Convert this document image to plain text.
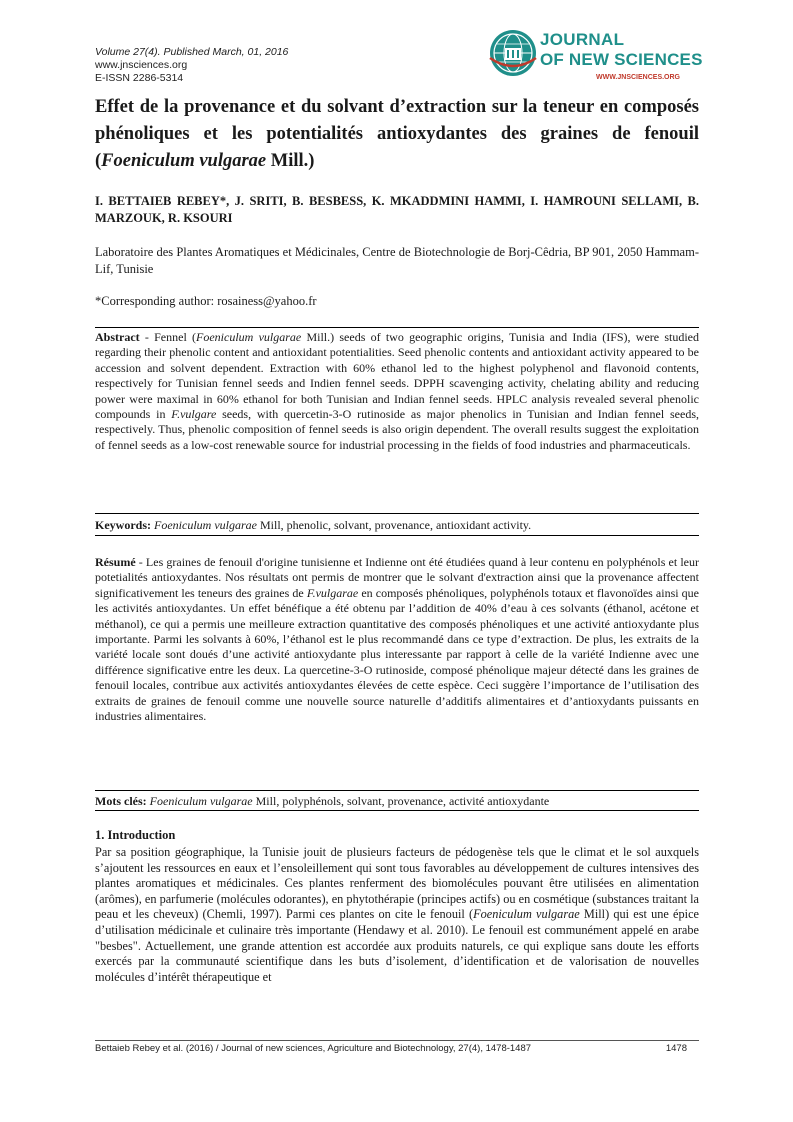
Volume 27(4). Published March, 01, 2016
www.jnsciences.org
E-ISSN 2286-5314
JOURNAL
OF NEW SCIENCES
WWW.JNSCIENCES.ORG
Effet de la provenance et du solvant d’extraction sur la teneur en composés phénoliques et les potentialités antioxydantes des graines de fenouil (Foeniculum vulgarae Mill.)
I. BETTAIEB REBEY*, J. SRITI, B. BESBESS, K. MKADDMINI HAMMI, I. HAMROUNI SELLAMI, B. MARZOUK, R. KSOURI
Laboratoire des Plantes Aromatiques et Médicinales, Centre de Biotechnologie de Borj-Cêdria, BP 901, 2050 Hammam-Lif, Tunisie
*Corresponding author: rosainess@yahoo.fr
Abstract - Fennel (Foeniculum vulgarae Mill.) seeds of two geographic origins, Tunisia and India (IFS), were studied regarding their phenolic content and antioxidant potentialities. Seed phenolic contents and antioxidant activity appeared to be accession and solvent dependent. Extraction with 60% ethanol led to the highest polyphenol and flavonoid contents, respectively for Tunisian fennel seeds and Indien fennel seeds. DPPH scavenging activity, chelating ability and reducing power were maximal in 60% ethanol for both Tunisian and Indian fennel seeds. HPLC analysis revealed several phenolic compounds in F.vulgare seeds, with quercetin-3-O rutinoside as major phenolics in Tunisian and Indian fennel seeds, respectively. Thus, phenolic composition of fennel seeds is also origin dependent. The overall results suggest the exploitation of fennel seeds as a low-cost renewable source for industrial processing in the fields of food industries and pharmaceuticals.
Keywords: Foeniculum vulgarae Mill, phenolic, solvant, provenance, antioxidant activity.
Résumé - Les graines de fenouil d'origine tunisienne et Indienne ont été étudiées quand à leur contenu en polyphénols et leur potetialités antioxydantes. Nos résultats ont permis de montrer que le solvant d'extraction ainsi que la provenance affectent significativement les teneurs des graines de F.vulgarae en composés phénoliques, polyphénols totaux et flavonoïdes ainsi que les activités antioxydantes. Un effet bénéfique a été obtenu par l’addition de 40% d’eau à ces solvants (éthanol, acétone et méthanol), ce qui a permis une meilleure extraction quantitative des composés phénoliques et une activité antioxydante plus importante. Parmi les solvants à 60%, l’éthanol est le plus recommandé dans ce type d’extraction. De plus, les extraits de la variété locale sont doués d’une activité antioxydante plus interessante par rapport à celle de la variété Indienne avec une différence significative entre les deux. La quercetine-3-O rutinoside, composé phénolique majeur détecté dans les graines de fenouil locales, contribue aux activités antioxydantes élevées de cette espèce. Ceci suggère l’importance de l’utilisation des extraits de graines de fenouil comme une nouvelle source naturelle d’additifs alimentaires et d’antioxydants puissants en industries alimentaires.
Mots clés: Foeniculum vulgarae Mill, polyphénols, solvant, provenance, activité antioxydante
1. Introduction
Par sa position géographique, la Tunisie jouit de plusieurs facteurs de pédogenèse tels que le climat et le sol auxquels s’ajoutent les ressources en eaux et l’ensoleillement qui sont tous favorables au développement de cultures intensives des plantes aromatiques et médicinales. Ces plantes renferment des biomolécules pouvant être utilisées en alimentation (arômes), en parfumerie (molécules odorantes), en phytothérapie (principes actifs) ou en cosmétique (substances traitant la peau et les cheveux) (Chemli, 1997). Parmi ces plantes on cite le fenouil (Foeniculum vulgarae Mill) qui est une épice d’utilisation médicinale et culinaire très importante (Hendawy et al. 2010). Le fenouil est communément appelé en arabe "besbes". Actuellement, une grande attention est accordée aux produits naturels, ce qui explique sans doute les efforts exercés par la communauté scientifique dans les buts d’isolement, d’identification et de valorisation de nouvelles molécules d’intérêt thérapeutique et
Bettaieb Rebey et al. (2016) / Journal of new sciences, Agriculture and Biotechnology, 27(4), 1478-1487	1478
